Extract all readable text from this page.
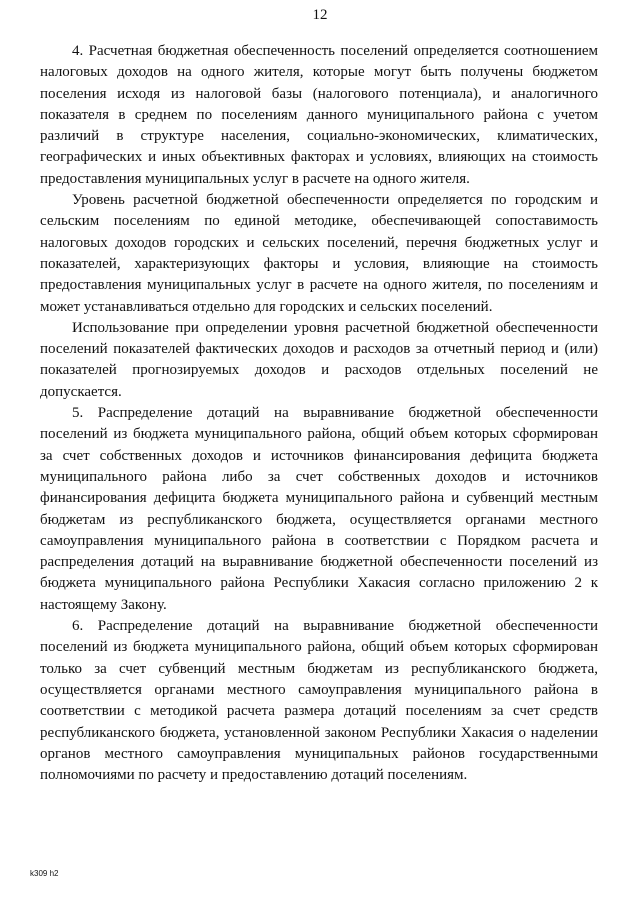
12

4. Расчетная бюджетная обеспеченность поселений определяется соотношением налоговых доходов на одного жителя, которые могут быть получены бюджетом поселения исходя из налоговой базы (налогового потенциала), и аналогичного показателя в среднем по поселениям данного муниципального района с учетом различий в структуре населения, социально-экономических, климатических, географических и иных объективных факторах и условиях, влияющих на стоимость предоставления муниципальных услуг в расчете на одного жителя.

Уровень расчетной бюджетной обеспеченности определяется по городским и сельским поселениям по единой методике, обеспечивающей сопоставимость налоговых доходов городских и сельских поселений, перечня бюджетных услуг и показателей, характеризующих факторы и условия, влияющие на стоимость предоставления муниципальных услуг в расчете на одного жителя, по поселениям и может устанавливаться отдельно для городских и сельских поселений.

Использование при определении уровня расчетной бюджетной обеспеченности поселений показателей фактических доходов и расходов за отчетный период и (или) показателей прогнозируемых доходов и расходов отдельных поселений не допускается.

5. Распределение дотаций на выравнивание бюджетной обеспеченности поселений из бюджета муниципального района, общий объем которых сформирован за счет собственных доходов и источников финансирования дефицита бюджета муниципального района либо за счет собственных доходов и источников финансирования дефицита бюджета муниципального района и субвенций местным бюджетам из республиканского бюджета, осуществляется органами местного самоуправления муниципального района в соответствии с Порядком расчета и распределения дотаций на выравнивание бюджетной обеспеченности поселений из бюджета муниципального района Республики Хакасия согласно приложению 2 к настоящему Закону.

6. Распределение дотаций на выравнивание бюджетной обеспеченности поселений из бюджета муниципального района, общий объем которых сформирован только за счет субвенций местным бюджетам из республиканского бюджета, осуществляется органами местного самоуправления муниципального района в соответствии с методикой расчета размера дотаций поселениям за счет средств республиканского бюджета, установленной законом Республики Хакасия о наделении органов местного самоуправления муниципальных районов государственными полномочиями по расчету и предоставлению дотаций поселениям.

k309 h2
